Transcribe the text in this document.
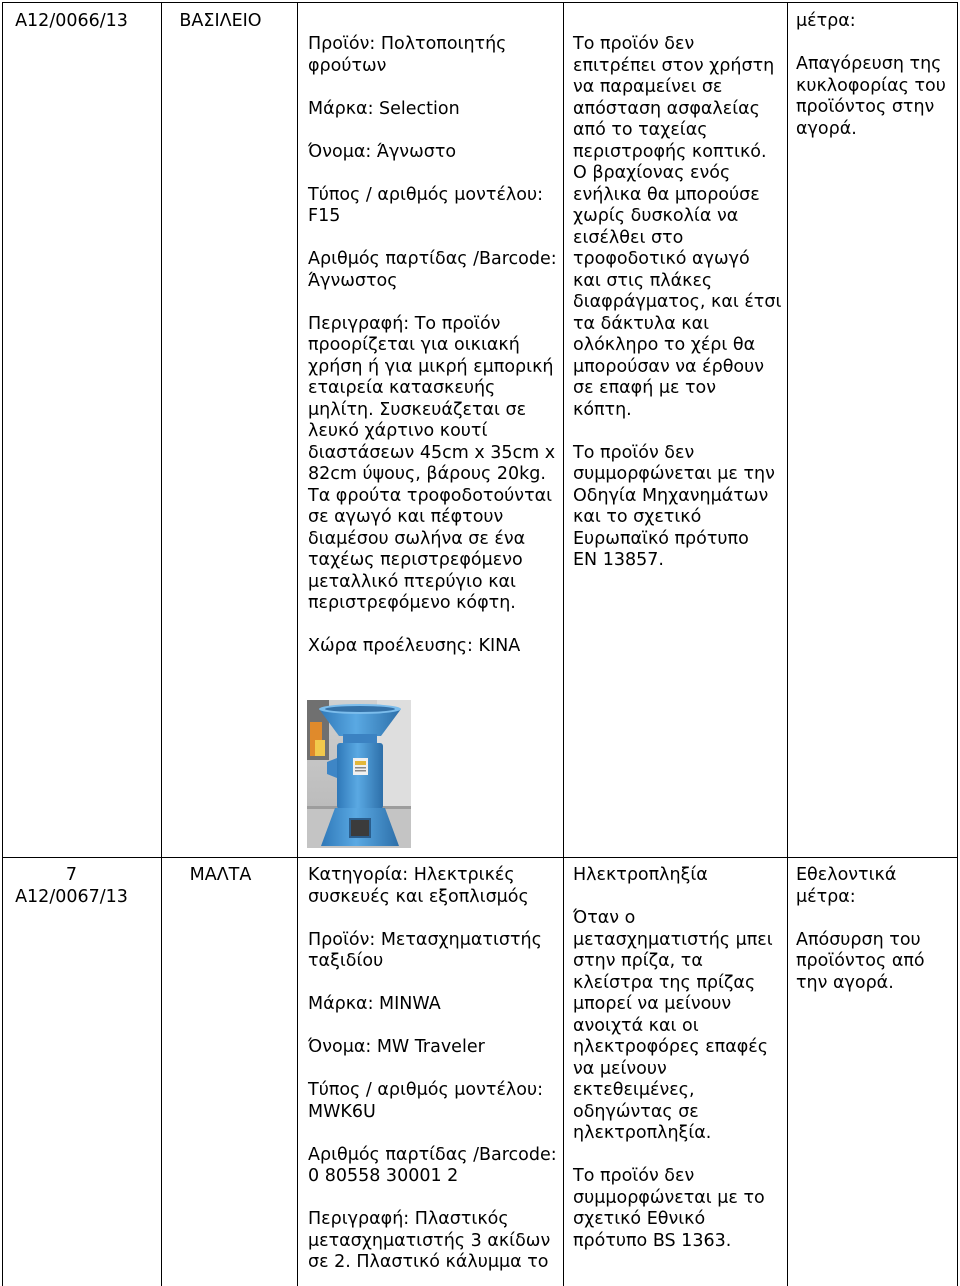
A12/0066/13	ΒΑΣΙΛΕΙΟ
Προϊόν: Πολτοποιητής
φρούτων
Μάρκα: Selection
Όνομα: Άγνωστο
Τύπος / αριθμός μοντέλου:
F15
Αριθμός παρτίδας /Barcode:
Άγνωστος
Περιγραφή: Το προϊόν
προορίζεται για οικιακή
χρήση ή για μικρή εμπορική
εταιρεία κατασκευής
μηλίτη. Συσκευάζεται σε
λευκό χάρτινο κουτί
διαστάσεων 45cm x 35cm x
82cm ύψους, βάρους 20kg.
Τα φρούτα τροφοδοτούνται
σε αγωγό και πέφτουν
διαμέσου σωλήνα σε ένα
ταχέως περιστρεφόμενο
μεταλλικό πτερύγιο και
περιστρεφόμενο κόφτη.
Χώρα προέλευσης: ΚΙΝΑ
Το προϊόν δεν
επιτρέπει στον χρήστη
να παραμείνει σε
απόσταση ασφαλείας
από το ταχείας
περιστροφής κοπτικό.
Ο βραχίονας ενός
ενήλικα θα μπορούσε
χωρίς δυσκολία να
εισέλθει στο
τροφοδοτικό αγωγό
και στις πλάκες
διαφράγματος, και έτσι
τα δάκτυλα και
ολόκληρο το χέρι θα
μπορούσαν να έρθουν
σε επαφή με τον
κόπτη.
Το προϊόν δεν
συμμορφώνεται με την
Οδηγία Μηχανημάτων
και το σχετικό
Ευρωπαϊκό πρότυπο
EN 13857.
μέτρα:
Απαγόρευση της
κυκλοφορίας του
προϊόντος στην
αγορά.
7
A12/0067/13
ΜΑΛΤΑ	Κατηγορία: Ηλεκτρικές
συσκευές και εξοπλισμός
Προϊόν: Μετασχηματιστής
ταξιδίου
Μάρκα: MINWA
Όνομα: MW Traveler
Τύπος / αριθμός μοντέλου:
MWK6U
Αριθμός παρτίδας /Barcode:
0 80558 30001 2
Περιγραφή: Πλαστικός
μετασχηματιστής 3 ακίδων
σε 2. Πλαστικό κάλυμμα το
Ηλεκτροπληξία
Όταν ο
μετασχηματιστής μπει
στην πρίζα, τα
κλείστρα της πρίζας
μπορεί να μείνουν
ανοιχτά και οι
ηλεκτροφόρες επαφές
να μείνουν
εκτεθειμένες,
οδηγώντας σε
ηλεκτροπληξία.
Το προϊόν δεν
συμμορφώνεται με το
σχετικό Εθνικό
πρότυπο BS 1363.
Εθελοντικά
μέτρα:
Απόσυρση του
προϊόντος από
την αγορά.
